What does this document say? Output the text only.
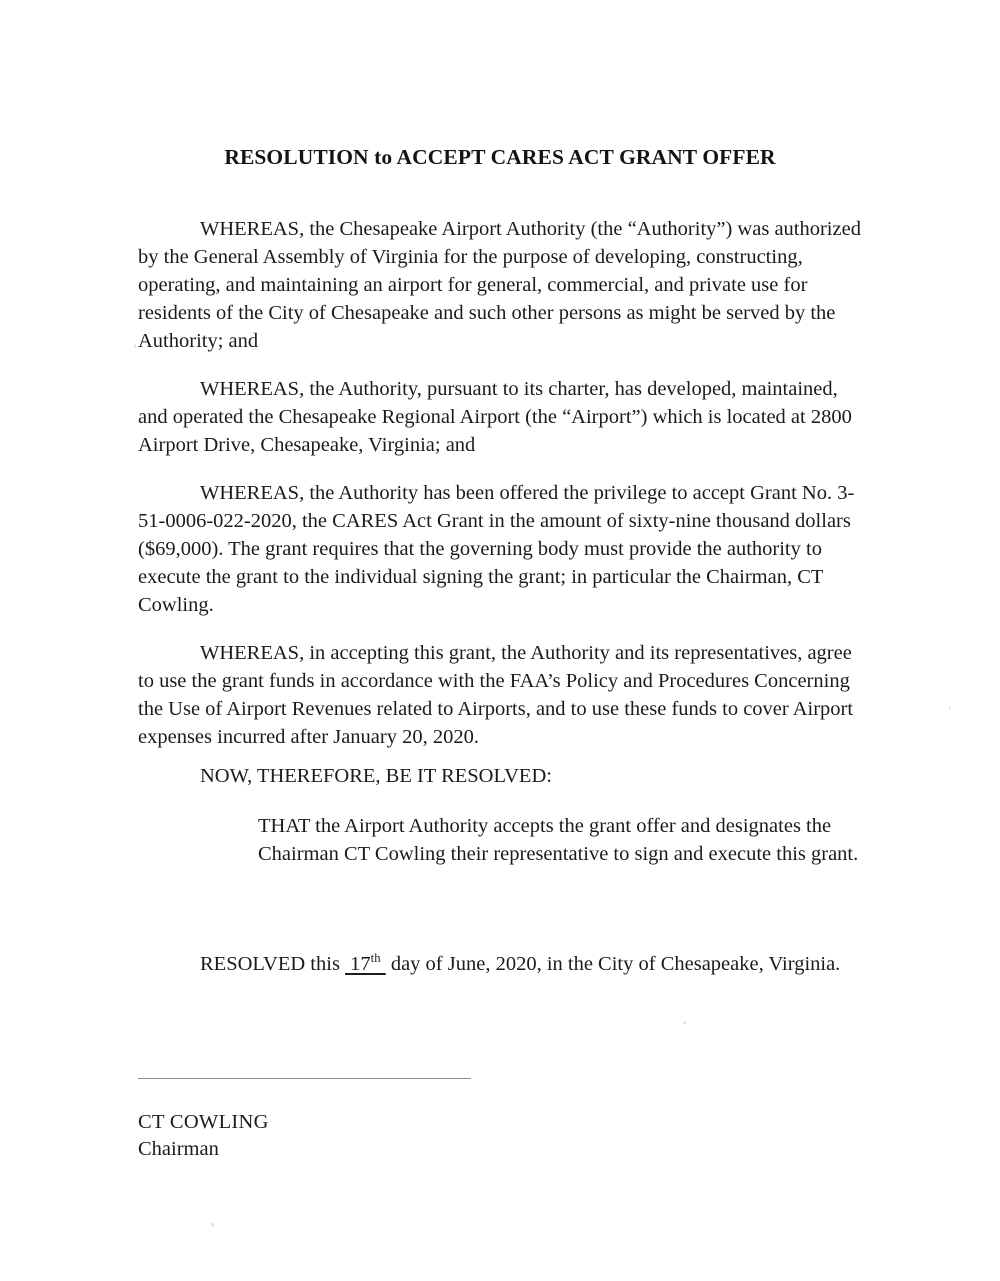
RESOLUTION to ACCEPT CARES ACT GRANT OFFER

WHEREAS, the Chesapeake Airport Authority (the “Authority”) was authorized by the General Assembly of Virginia for the purpose of developing, constructing, operating, and maintaining an airport for general, commercial, and private use for residents of the City of Chesapeake and such other persons as might be served by the Authority; and

WHEREAS, the Authority, pursuant to its charter, has developed, maintained, and operated the Chesapeake Regional Airport (the “Airport”) which is located at 2800 Airport Drive, Chesapeake, Virginia; and

WHEREAS, the Authority has been offered the privilege to accept Grant No. 3-51-0006-022-2020, the CARES Act Grant in the amount of sixty-nine thousand dollars ($69,000). The grant requires that the governing body must provide the authority to execute the grant to the individual signing the grant; in particular the Chairman, CT Cowling.

WHEREAS, in accepting this grant, the Authority and its representatives, agree to use the grant funds in accordance with the FAA’s Policy and Procedures Concerning the Use of Airport Revenues related to Airports, and to use these funds to cover Airport expenses incurred after January 20, 2020.

NOW, THEREFORE, BE IT RESOLVED:

THAT the Airport Authority accepts the grant offer and designates the Chairman CT Cowling their representative to sign and execute this grant.

RESOLVED this  17th  day of June, 2020, in the City of Chesapeake, Virginia.

CT COWLING

Chairman
